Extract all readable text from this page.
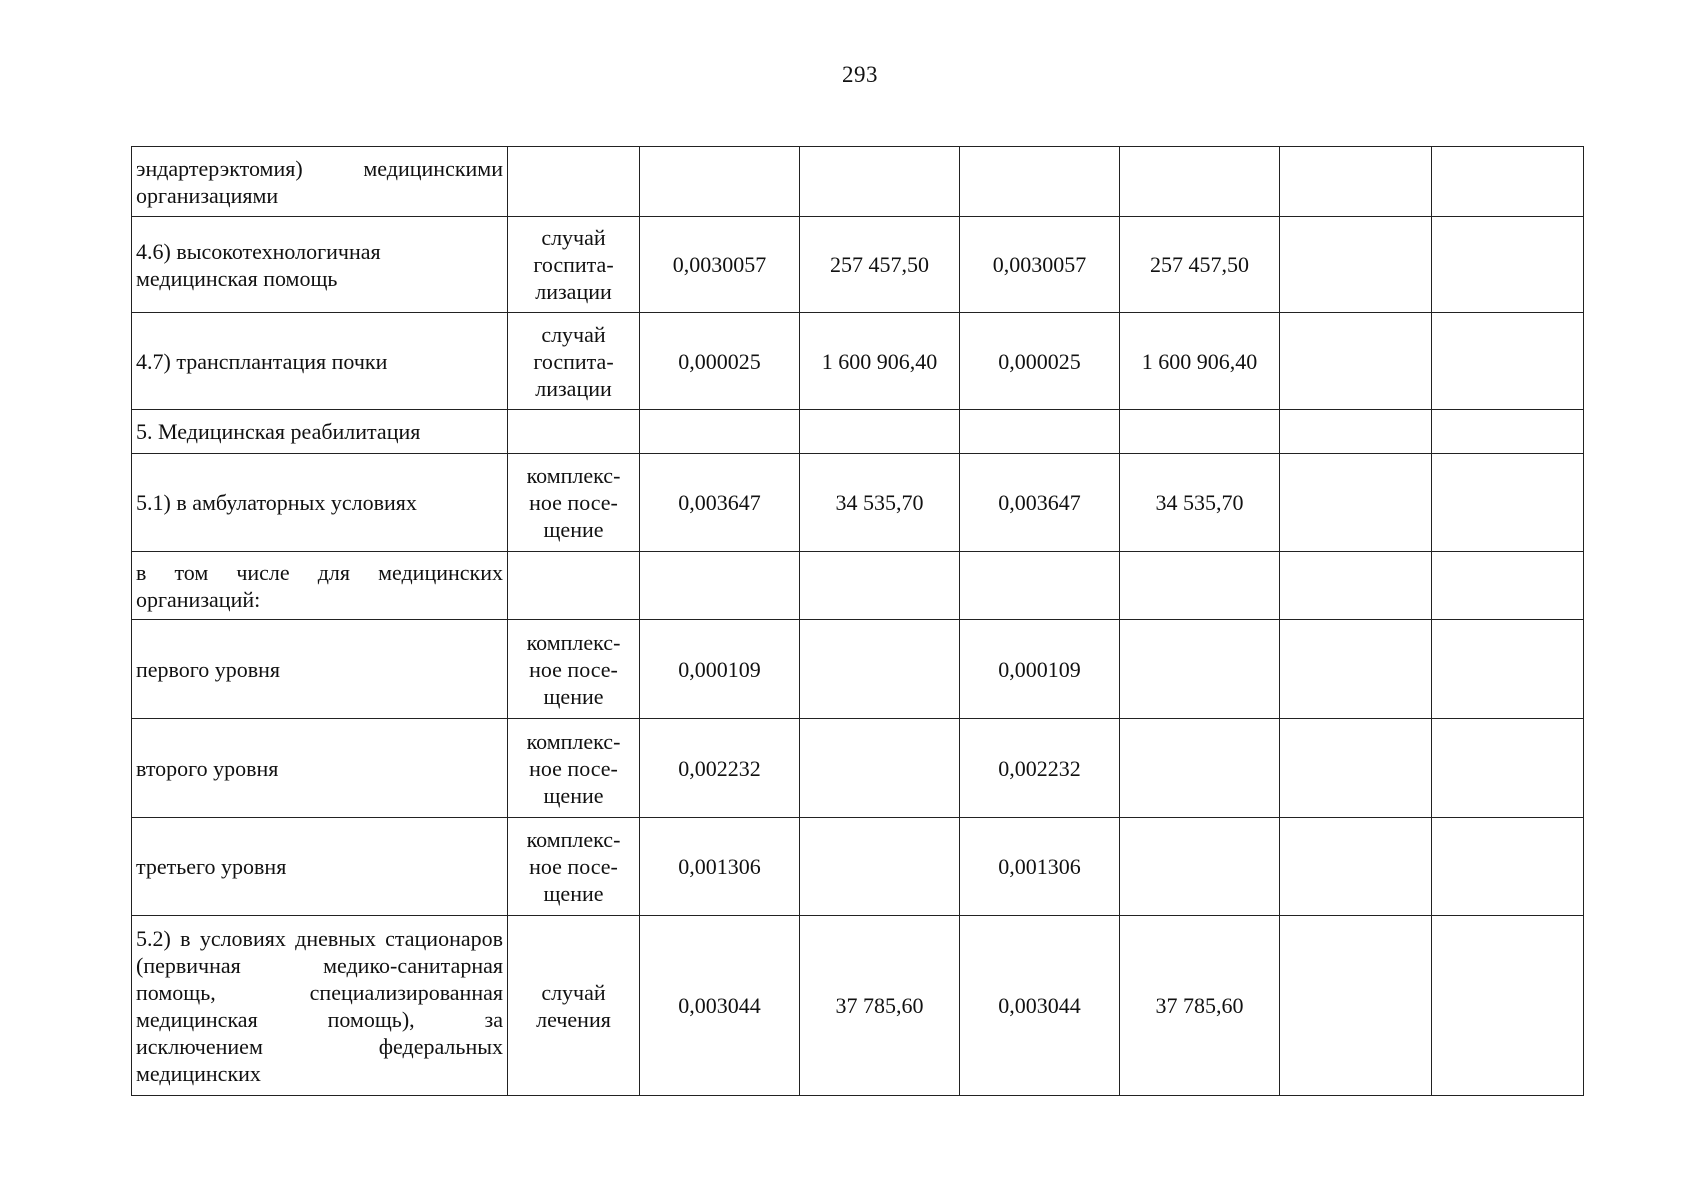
293
эндартерэктомия) медицинскими организациями							
4.6) высокотехнологичная медицинская помощь	случай
госпита-
лизации	0,0030057	257 457,50	0,0030057	257 457,50		
4.7) трансплантация почки	случай
госпита-
лизации	0,000025	1 600 906,40	0,000025	1 600 906,40		
5. Медицинская реабилитация							
5.1) в амбулаторных условиях	комплекс-
ное посе-
щение	0,003647	34 535,70	0,003647	34 535,70		
в том числе для медицинских организаций:							
первого уровня	комплекс-
ное посе-
щение	0,000109		0,000109			
второго уровня	комплекс-
ное посе-
щение	0,002232		0,002232			
третьего уровня	комплекс-
ное посе-
щение	0,001306		0,001306			
5.2) в условиях дневных стационаров (первичная медико-санитарная помощь, специализированная медицинская помощь), за исключением федеральных медицинских	случай
лечения	0,003044	37 785,60	0,003044	37 785,60		
